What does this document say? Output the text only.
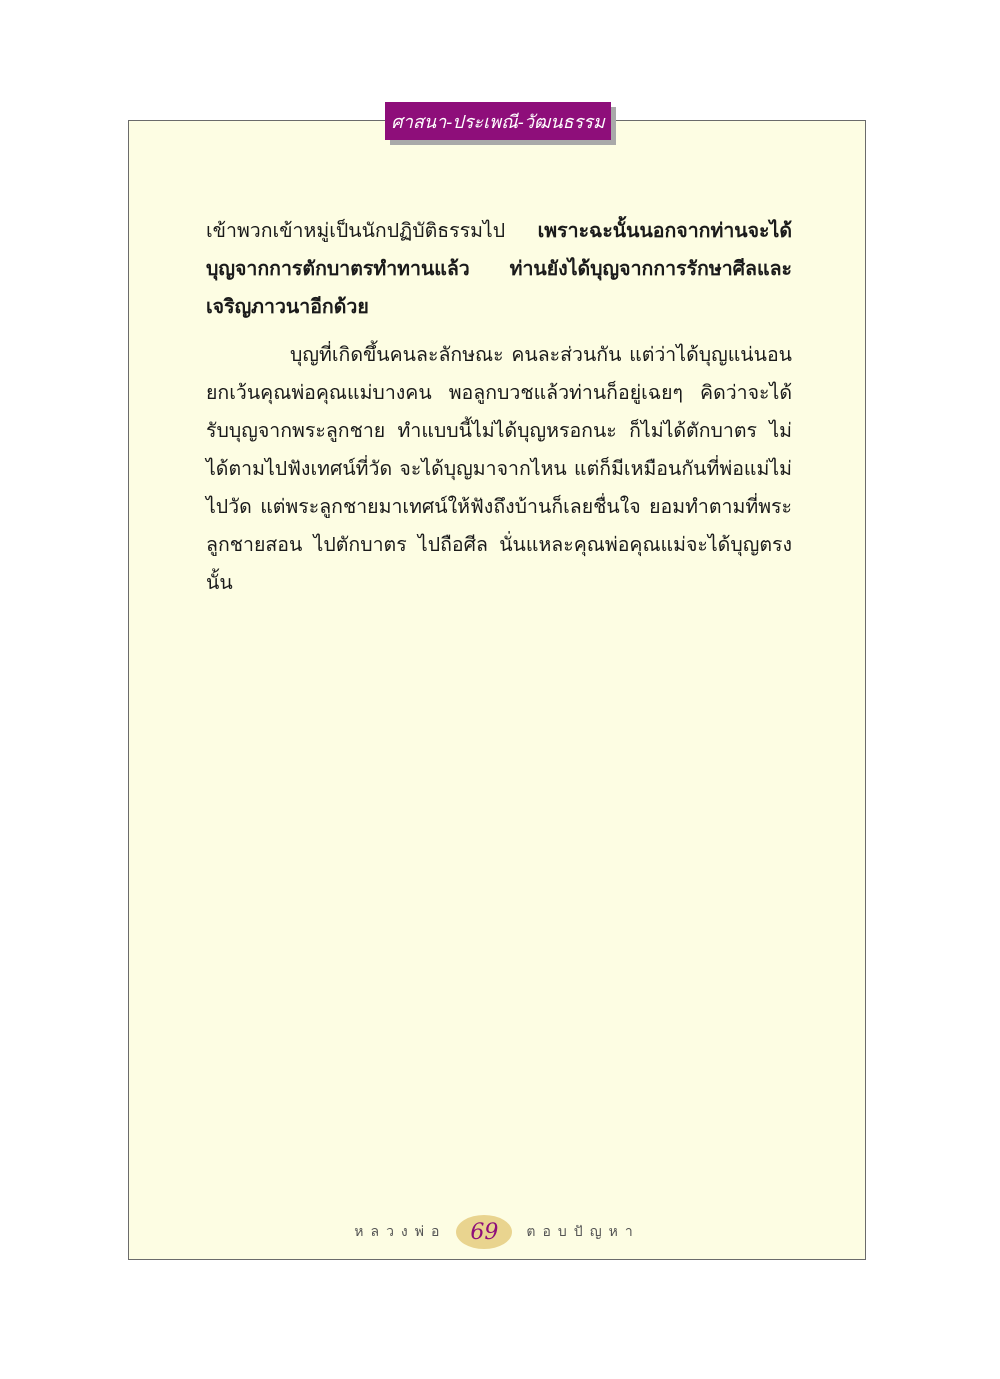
ศาสนา-ประเพณี-วัฒนธรรม

เข้าพวกเข้าหมู่เป็นนักปฏิบัติธรรมไป เพราะฉะนั้นนอกจากท่านจะได้บุญจากการตักบาตรทำทานแล้ว ท่านยังได้บุญจากการรักษาศีลและเจริญภาวนาอีกด้วย

บุญที่เกิดขึ้นคนละลักษณะ คนละส่วนกัน แต่ว่าได้บุญแน่นอน ยกเว้นคุณพ่อคุณแม่บางคน พอลูกบวชแล้วท่านก็อยู่เฉยๆ คิดว่าจะได้รับบุญจากพระลูกชาย ทำแบบนี้ไม่ได้บุญหรอกนะ ก็ไม่ได้ตักบาตร ไม่ได้ตามไปฟังเทศน์ที่วัด จะได้บุญมาจากไหน แต่ก็มีเหมือนกันที่พ่อแม่ไม่ไปวัด แต่พระลูกชายมาเทศน์ให้ฟังถึงบ้านก็เลยชื่นใจ ยอมทำตามที่พระลูกชายสอน ไปตักบาตร ไปถือศีล นั่นแหละคุณพ่อคุณแม่จะได้บุญตรงนั้น

หลวงพ่อ	69	ตอบปัญหา
